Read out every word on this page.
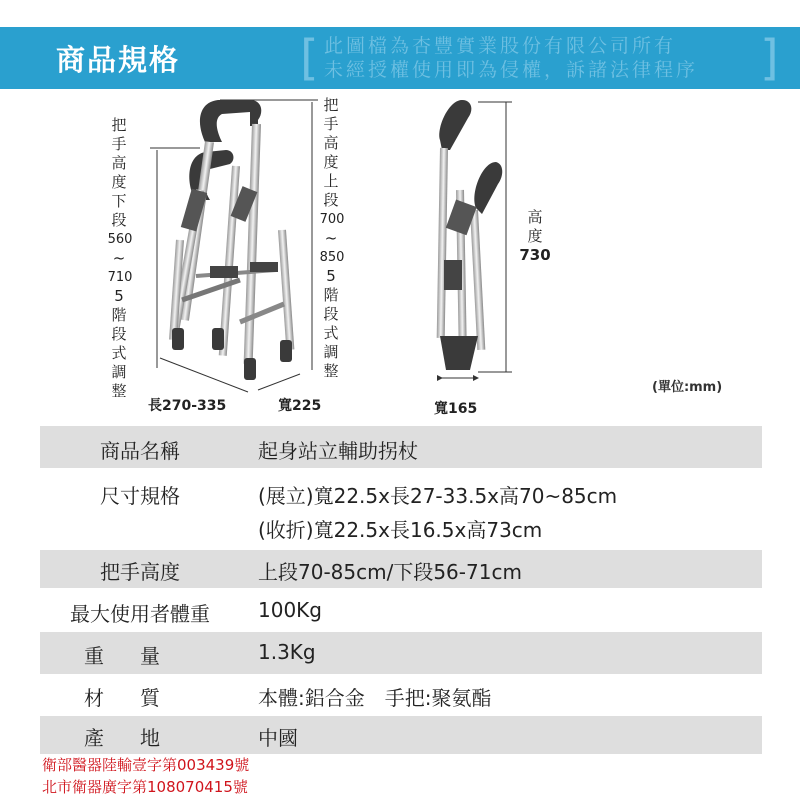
商品規格 [ 此圖檔為杏豐實業股份有限公司所有
未經授權使用即為侵權，訴諸法律程序 ]
把
手
高
度
下
段
560
~
710
5
階
段
式
調
整
把
手
高
度
上
段
700
~
850
5
階
段
式
調
整
高
度
730
長270-335	寬225	寬165
(單位:mm)
商品名稱	起身站立輔助拐杖
尺寸規格	(展立)寬22.5x長27-33.5x高70~85cm
(收折)寬22.5x長16.5x高73cm
把手高度	上段70-85cm/下段56-71cm
最大使用者體重	100Kg
重量	1.3Kg
材質	本體:鋁合金　手把:聚氨酯
產地	中國
衛部醫器陸輸壹字第003439號
北市衛器廣字第108070415號
